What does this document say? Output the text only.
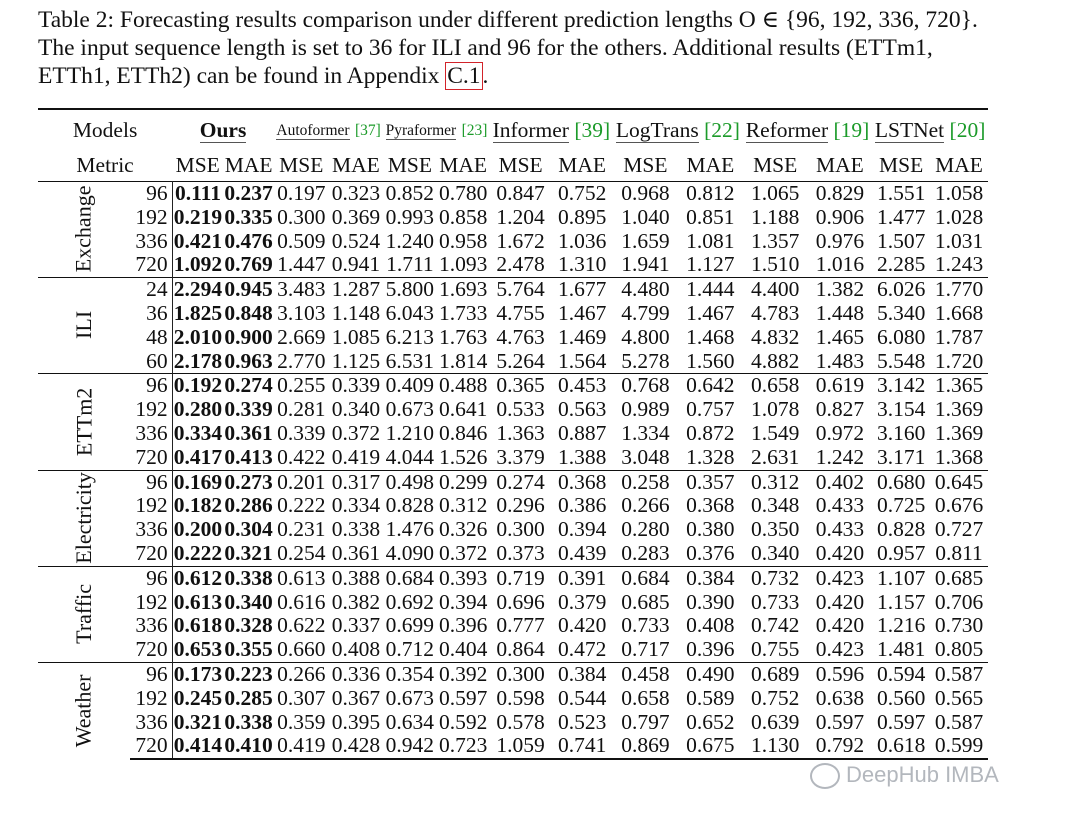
Table 2: Forecasting results comparison under different prediction lengths O ∈ {96, 192, 336, 720}.
The input sequence length is set to 36 for ILI and 96 for the others. Additional results (ETTm1,
ETTh1, ETTh2) can be found in Appendix C.1.
Models		Ours		Autoformer [37]		Pyraformer [23]		Informer [39]		LogTrans [22]		Reformer [19]		LSTNet [20]	
Metric		MSE	MAE	MSE	MAE	MSE	MAE	MSE	MAE	MSE	MAE	MSE	MAE	MSE	MAE
Exchange	96	0.111	0.237	0.197	0.323	0.852	0.780	0.847	0.752	0.968	0.812	1.065	0.829	1.551	1.058
	192	0.219	0.335	0.300	0.369	0.993	0.858	1.204	0.895	1.040	0.851	1.188	0.906	1.477	1.028
	336	0.421	0.476	0.509	0.524	1.240	0.958	1.672	1.036	1.659	1.081	1.357	0.976	1.507	1.031
	720	1.092	0.769	1.447	0.941	1.711	1.093	2.478	1.310	1.941	1.127	1.510	1.016	2.285	1.243
ILI	24	2.294	0.945	3.483	1.287	5.800	1.693	5.764	1.677	4.480	1.444	4.400	1.382	6.026	1.770
	36	1.825	0.848	3.103	1.148	6.043	1.733	4.755	1.467	4.799	1.467	4.783	1.448	5.340	1.668
	48	2.010	0.900	2.669	1.085	6.213	1.763	4.763	1.469	4.800	1.468	4.832	1.465	6.080	1.787
	60	2.178	0.963	2.770	1.125	6.531	1.814	5.264	1.564	5.278	1.560	4.882	1.483	5.548	1.720
ETTm2	96	0.192	0.274	0.255	0.339	0.409	0.488	0.365	0.453	0.768	0.642	0.658	0.619	3.142	1.365
	192	0.280	0.339	0.281	0.340	0.673	0.641	0.533	0.563	0.989	0.757	1.078	0.827	3.154	1.369
	336	0.334	0.361	0.339	0.372	1.210	0.846	1.363	0.887	1.334	0.872	1.549	0.972	3.160	1.369
	720	0.417	0.413	0.422	0.419	4.044	1.526	3.379	1.388	3.048	1.328	2.631	1.242	3.171	1.368
Electricity	96	0.169	0.273	0.201	0.317	0.498	0.299	0.274	0.368	0.258	0.357	0.312	0.402	0.680	0.645
	192	0.182	0.286	0.222	0.334	0.828	0.312	0.296	0.386	0.266	0.368	0.348	0.433	0.725	0.676
	336	0.200	0.304	0.231	0.338	1.476	0.326	0.300	0.394	0.280	0.380	0.350	0.433	0.828	0.727
	720	0.222	0.321	0.254	0.361	4.090	0.372	0.373	0.439	0.283	0.376	0.340	0.420	0.957	0.811
Traffic	96	0.612	0.338	0.613	0.388	0.684	0.393	0.719	0.391	0.684	0.384	0.732	0.423	1.107	0.685
	192	0.613	0.340	0.616	0.382	0.692	0.394	0.696	0.379	0.685	0.390	0.733	0.420	1.157	0.706
	336	0.618	0.328	0.622	0.337	0.699	0.396	0.777	0.420	0.733	0.408	0.742	0.420	1.216	0.730
	720	0.653	0.355	0.660	0.408	0.712	0.404	0.864	0.472	0.717	0.396	0.755	0.423	1.481	0.805
Weather	96	0.173	0.223	0.266	0.336	0.354	0.392	0.300	0.384	0.458	0.490	0.689	0.596	0.594	0.587
	192	0.245	0.285	0.307	0.367	0.673	0.597	0.598	0.544	0.658	0.589	0.752	0.638	0.560	0.565
	336	0.321	0.338	0.359	0.395	0.634	0.592	0.578	0.523	0.797	0.652	0.639	0.597	0.597	0.587
	720	0.414	0.410	0.419	0.428	0.942	0.723	1.059	0.741	0.869	0.675	1.130	0.792	0.618	0.599
DeepHub IMBA
